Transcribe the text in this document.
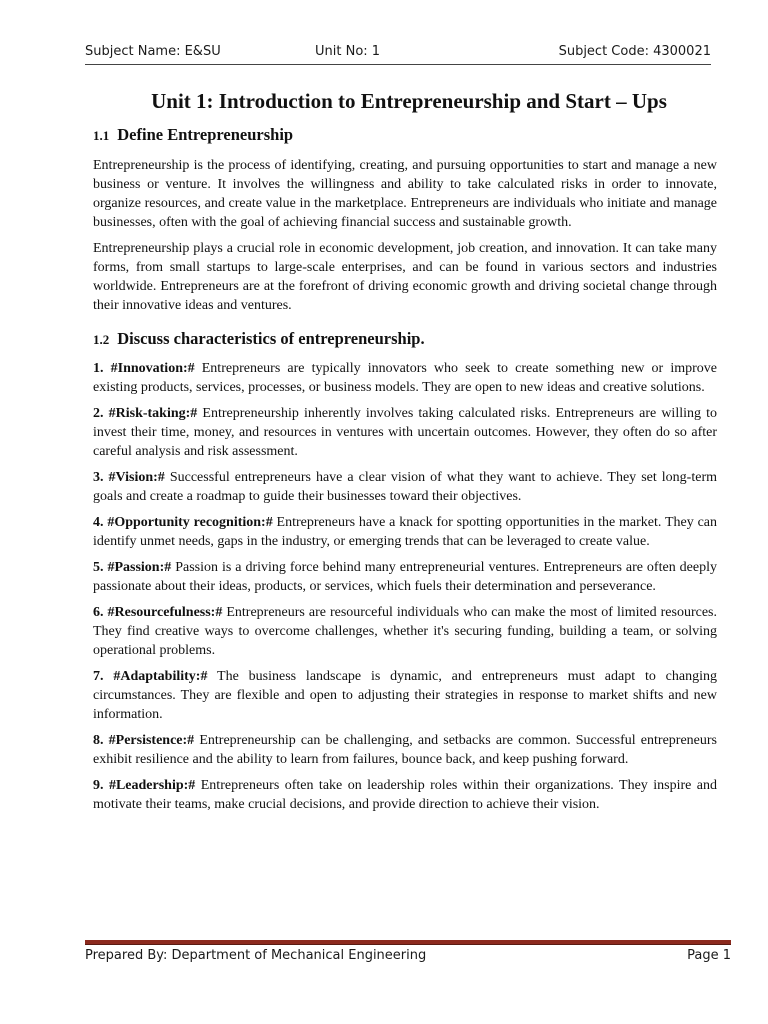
Subject Name: E&SU	Unit No: 1	Subject Code: 4300021
Unit 1: Introduction to Entrepreneurship and Start – Ups
1.1 Define Entrepreneurship

Entrepreneurship is the process of identifying, creating, and pursuing opportunities to start and manage a new business or venture. It involves the willingness and ability to take calculated risks in order to innovate, organize resources, and create value in the marketplace. Entrepreneurs are individuals who initiate and manage businesses, often with the goal of achieving financial success and sustainable growth.

Entrepreneurship plays a crucial role in economic development, job creation, and innovation. It can take many forms, from small startups to large-scale enterprises, and can be found in various sectors and industries worldwide. Entrepreneurs are at the forefront of driving economic growth and driving societal change through their innovative ideas and ventures.

1.2 Discuss characteristics of entrepreneurship.

1. #Innovation:# Entrepreneurs are typically innovators who seek to create something new or improve existing products, services, processes, or business models. They are open to new ideas and creative solutions.

2. #Risk-taking:# Entrepreneurship inherently involves taking calculated risks. Entrepreneurs are willing to invest their time, money, and resources in ventures with uncertain outcomes. However, they often do so after careful analysis and risk assessment.

3. #Vision:# Successful entrepreneurs have a clear vision of what they want to achieve. They set long-term goals and create a roadmap to guide their businesses toward their objectives.

4. #Opportunity recognition:# Entrepreneurs have a knack for spotting opportunities in the market. They can identify unmet needs, gaps in the industry, or emerging trends that can be leveraged to create value.

5. #Passion:# Passion is a driving force behind many entrepreneurial ventures. Entrepreneurs are often deeply passionate about their ideas, products, or services, which fuels their determination and perseverance.

6. #Resourcefulness:# Entrepreneurs are resourceful individuals who can make the most of limited resources. They find creative ways to overcome challenges, whether it's securing funding, building a team, or solving operational problems.

7. #Adaptability:# The business landscape is dynamic, and entrepreneurs must adapt to changing circumstances. They are flexible and open to adjusting their strategies in response to market shifts and new information.

8. #Persistence:# Entrepreneurship can be challenging, and setbacks are common. Successful entrepreneurs exhibit resilience and the ability to learn from failures, bounce back, and keep pushing forward.

9. #Leadership:# Entrepreneurs often take on leadership roles within their organizations. They inspire and motivate their teams, make crucial decisions, and provide direction to achieve their vision.

Prepared By: Department of Mechanical Engineering	Page 1
